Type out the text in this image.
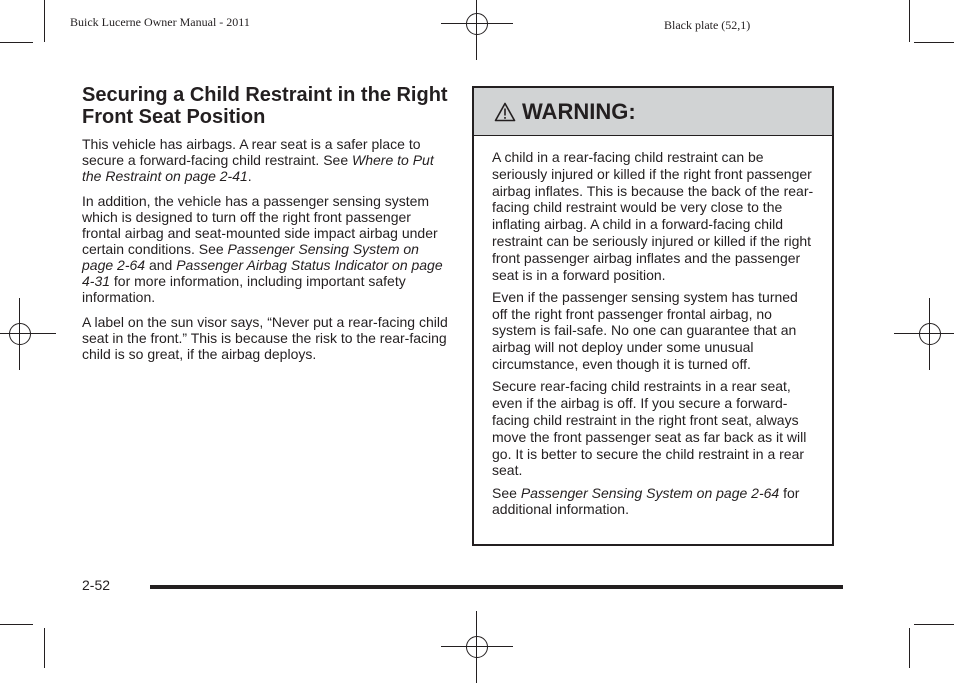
Buick Lucerne Owner Manual - 2011	Black plate (52,1)
Securing a Child Restraint in the Right Front Seat Position

This vehicle has airbags. A rear seat is a safer place to secure a forward-facing child restraint. See Where to Put the Restraint on page 2-41.

In addition, the vehicle has a passenger sensing system which is designed to turn off the right front passenger frontal airbag and seat-mounted side impact airbag under certain conditions. See Passenger Sensing System on page 2-64 and Passenger Airbag Status Indicator on page 4-31 for more information, including important safety information.

A label on the sun visor says, “Never put a rear-facing child seat in the front.” This is because the risk to the rear-facing child is so great, if the airbag deploys.

WARNING:

A child in a rear-facing child restraint can be seriously injured or killed if the right front passenger airbag inflates. This is because the back of the rear-facing child restraint would be very close to the inflating airbag. A child in a forward-facing child restraint can be seriously injured or killed if the right front passenger airbag inflates and the passenger seat is in a forward position.

Even if the passenger sensing system has turned off the right front passenger frontal airbag, no system is fail-safe. No one can guarantee that an airbag will not deploy under some unusual circumstance, even though it is turned off.

Secure rear-facing child restraints in a rear seat, even if the airbag is off. If you secure a forward-facing child restraint in the right front seat, always move the front passenger seat as far back as it will go. It is better to secure the child restraint in a rear seat.

See Passenger Sensing System on page 2-64 for additional information.

2-52
